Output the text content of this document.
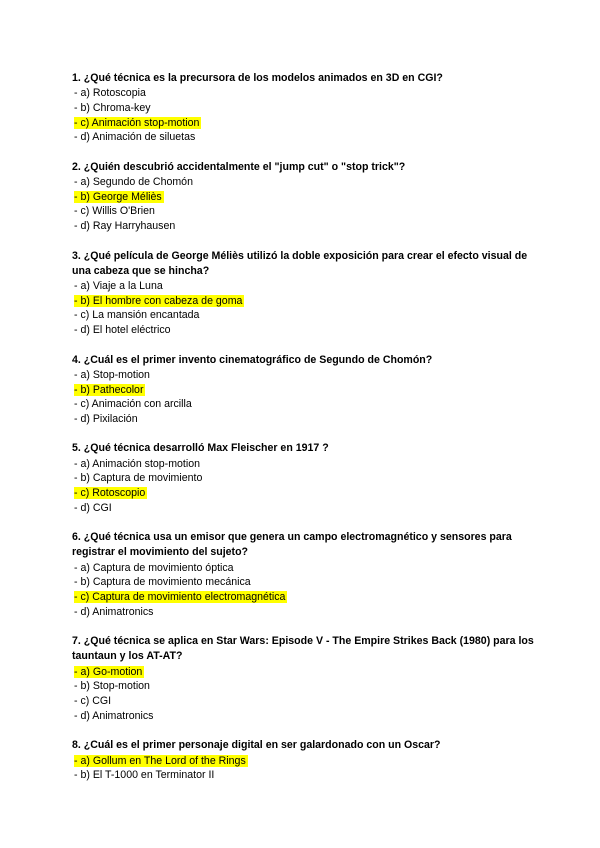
1. ¿Qué técnica es la precursora de los modelos animados en 3D en CGI?

- a) Rotoscopia

- b) Chroma-key

- c) Animación stop-motion

- d) Animación de siluetas

2. ¿Quién descubrió accidentalmente el "jump cut" o "stop trick"?

- a) Segundo de Chomón

- b) George Méliès

- c) Willis O'Brien

- d) Ray Harryhausen

3. ¿Qué película de George Méliès utilizó la doble exposición para crear el efecto visual de una cabeza que se hincha?

- a) Viaje a la Luna

- b) El hombre con cabeza de goma

- c) La mansión encantada

- d) El hotel eléctrico

4. ¿Cuál es el primer invento cinematográfico de Segundo de Chomón?

- a) Stop-motion

- b) Pathecolor

- c) Animación con arcilla

- d) Pixilación

5. ¿Qué técnica desarrolló Max Fleischer en 1917 ?

- a) Animación stop-motion

- b) Captura de movimiento

- c) Rotoscopio

- d) CGI

6. ¿Qué técnica usa un emisor que genera un campo electromagnético y sensores para registrar el movimiento del sujeto?

- a) Captura de movimiento óptica

- b) Captura de movimiento mecánica

- c) Captura de movimiento electromagnética

- d) Animatronics

7. ¿Qué técnica se aplica en Star Wars: Episode V - The Empire Strikes Back (1980) para los tauntaun y los AT-AT?

- a) Go-motion

- b) Stop-motion

- c) CGI

- d) Animatronics

8. ¿Cuál es el primer personaje digital en ser galardonado con un Oscar?

- a) Gollum en The Lord of the Rings

- b) El T-1000 en Terminator II
